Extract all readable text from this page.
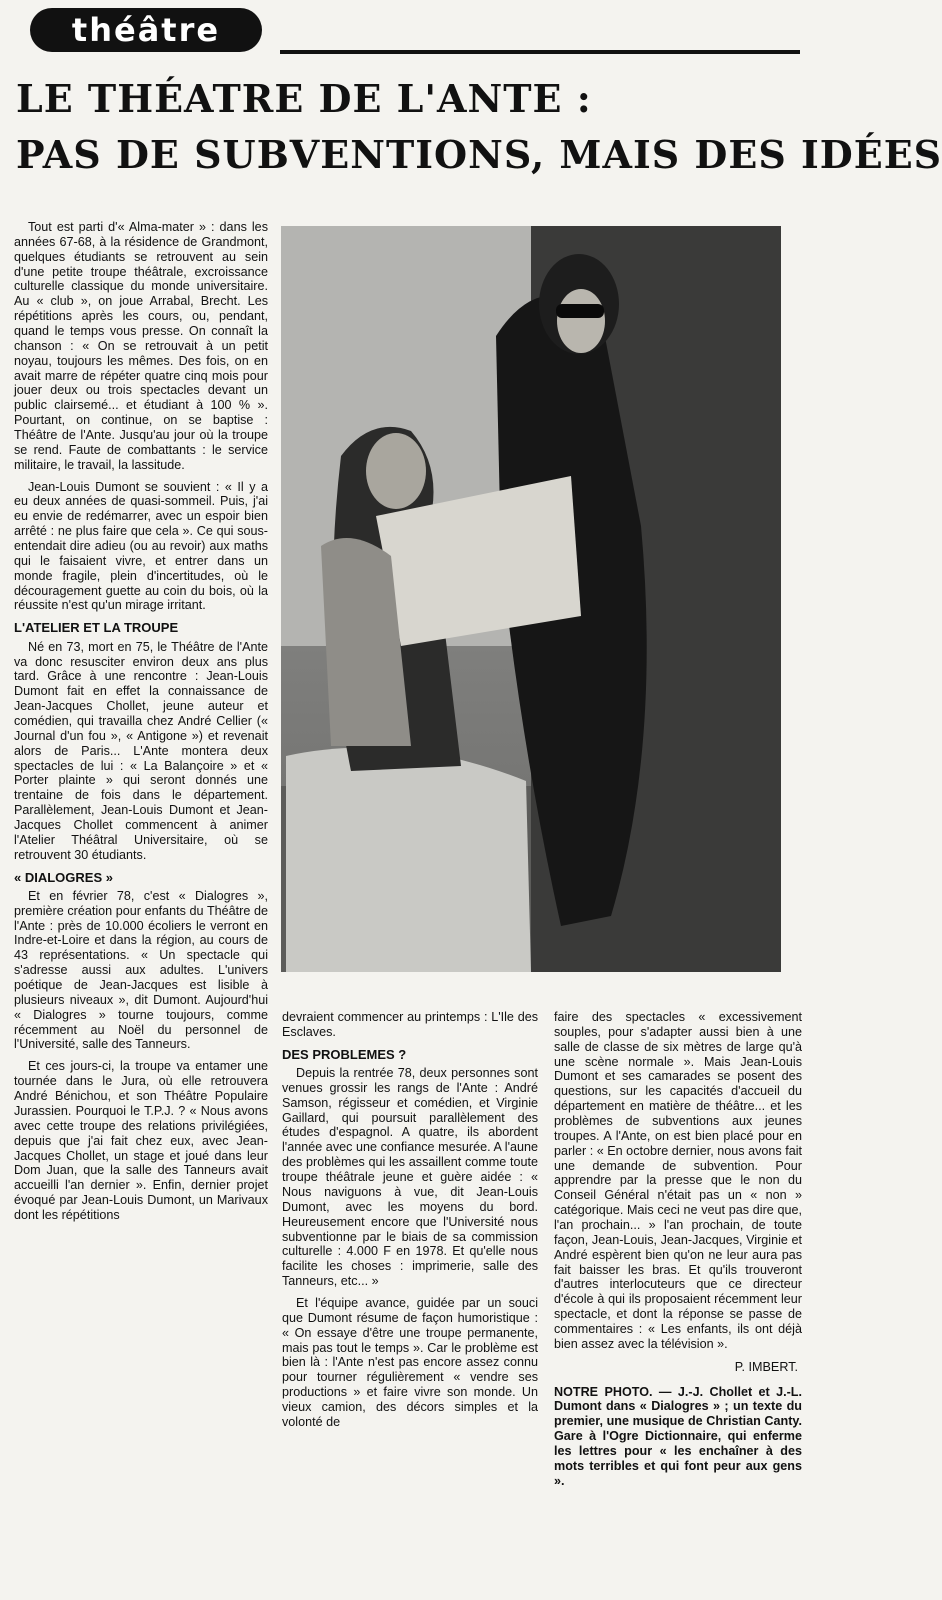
théâtre
LE THÉATRE DE L'ANTE :
PAS DE SUBVENTIONS, MAIS DES IDÉES

Tout est parti d'« Alma-mater » : dans les années 67-68, à la résidence de Grandmont, quelques étudiants se retrouvent au sein d'une petite troupe théâtrale, excroissance culturelle classique du monde universitaire. Au « club », on joue Arrabal, Brecht. Les répétitions après les cours, ou, pendant, quand le temps vous presse. On connaît la chanson : « On se retrouvait à un petit noyau, toujours les mêmes. Des fois, on en avait marre de répéter quatre cinq mois pour jouer deux ou trois spectacles devant un public clairsemé... et étudiant à 100 % ». Pourtant, on continue, on se baptise : Théâtre de l'Ante. Jusqu'au jour où la troupe se rend. Faute de combattants : le service militaire, le travail, la lassitude.

Jean-Louis Dumont se souvient : « Il y a eu deux années de quasi-sommeil. Puis, j'ai eu envie de redémarrer, avec un espoir bien arrêté : ne plus faire que cela ». Ce qui sous-entendait dire adieu (ou au revoir) aux maths qui le faisaient vivre, et entrer dans un monde fragile, plein d'incertitudes, où le découragement guette au coin du bois, où la réussite n'est qu'un mirage irritant.

L'ATELIER ET LA TROUPE

Né en 73, mort en 75, le Théâtre de l'Ante va donc resusciter environ deux ans plus tard. Grâce à une rencontre : Jean-Louis Dumont fait en effet la connaissance de Jean-Jacques Chollet, jeune auteur et comédien, qui travailla chez André Cellier (« Journal d'un fou », « Antigone ») et revenait alors de Paris... L'Ante montera deux spectacles de lui : « La Balançoire » et « Porter plainte » qui seront donnés une trentaine de fois dans le département. Parallèlement, Jean-Louis Dumont et Jean-Jacques Chollet commencent à animer l'Atelier Théâtral Universitaire, où se retrouvent 30 étudiants.

« DIALOGRES »

Et en février 78, c'est « Dialogres », première création pour enfants du Théâtre de l'Ante : près de 10.000 écoliers le verront en Indre-et-Loire et dans la région, au cours de 43 représentations. « Un spectacle qui s'adresse aussi aux adultes. L'univers poétique de Jean-Jacques est lisible à plusieurs niveaux », dit Dumont. Aujourd'hui « Dialogres » tourne toujours, comme récemment au Noël du personnel de l'Université, salle des Tanneurs.

Et ces jours-ci, la troupe va entamer une tournée dans le Jura, où elle retrouvera André Bénichou, et son Théâtre Populaire Jurassien. Pourquoi le T.P.J. ? « Nous avons avec cette troupe des relations privilégiées, depuis que j'ai fait chez eux, avec Jean-Jacques Chollet, un stage et joué dans leur Dom Juan, que la salle des Tanneurs avait accueilli l'an dernier ». Enfin, dernier projet évoqué par Jean-Louis Dumont, un Marivaux dont les répétitions

devraient commencer au printemps : L'Ile des Esclaves.

DES PROBLEMES ?

Depuis la rentrée 78, deux personnes sont venues grossir les rangs de l'Ante : André Samson, régisseur et comédien, et Virginie Gaillard, qui poursuit parallèlement des études d'espagnol. A quatre, ils abordent l'année avec une confiance mesurée. A l'aune des problèmes qui les assaillent comme toute troupe théâtrale jeune et guère aidée : « Nous naviguons à vue, dit Jean-Louis Dumont, avec les moyens du bord. Heureusement encore que l'Université nous subventionne par le biais de sa commission culturelle : 4.000 F en 1978. Et qu'elle nous facilite les choses : imprimerie, salle des Tanneurs, etc... »

Et l'équipe avance, guidée par un souci que Dumont résume de façon humoristique : « On essaye d'être une troupe permanente, mais pas tout le temps ». Car le problème est bien là : l'Ante n'est pas encore assez connu pour tourner régulièrement « vendre ses productions » et faire vivre son monde. Un vieux camion, des décors simples et la volonté de

faire des spectacles « excessivement souples, pour s'adapter aussi bien à une salle de classe de six mètres de large qu'à une scène normale ». Mais Jean-Louis Dumont et ses camarades se posent des questions, sur les capacités d'accueil du département en matière de théâtre... et les problèmes de subventions aux jeunes troupes. A l'Ante, on est bien placé pour en parler : « En octobre dernier, nous avons fait une demande de subvention. Pour apprendre par la presse que le non du Conseil Général n'était pas un « non » catégorique. Mais ceci ne veut pas dire que, l'an prochain... » l'an prochain, de toute façon, Jean-Louis, Jean-Jacques, Virginie et André espèrent bien qu'on ne leur aura pas fait baisser les bras. Et qu'ils trouveront d'autres interlocuteurs que ce directeur d'école à qui ils proposaient récemment leur spectacle, et dont la réponse se passe de commentaires : « Les enfants, ils ont déjà bien assez avec la télévision ».

P. IMBERT.
NOTRE PHOTO. — J.-J. Chollet et J.-L. Dumont dans « Dialogres » ; un texte du premier, une musique de Christian Canty. Gare à l'Ogre Dictionnaire, qui enferme les lettres pour « les enchaîner à des mots terribles et qui font peur aux gens ».
